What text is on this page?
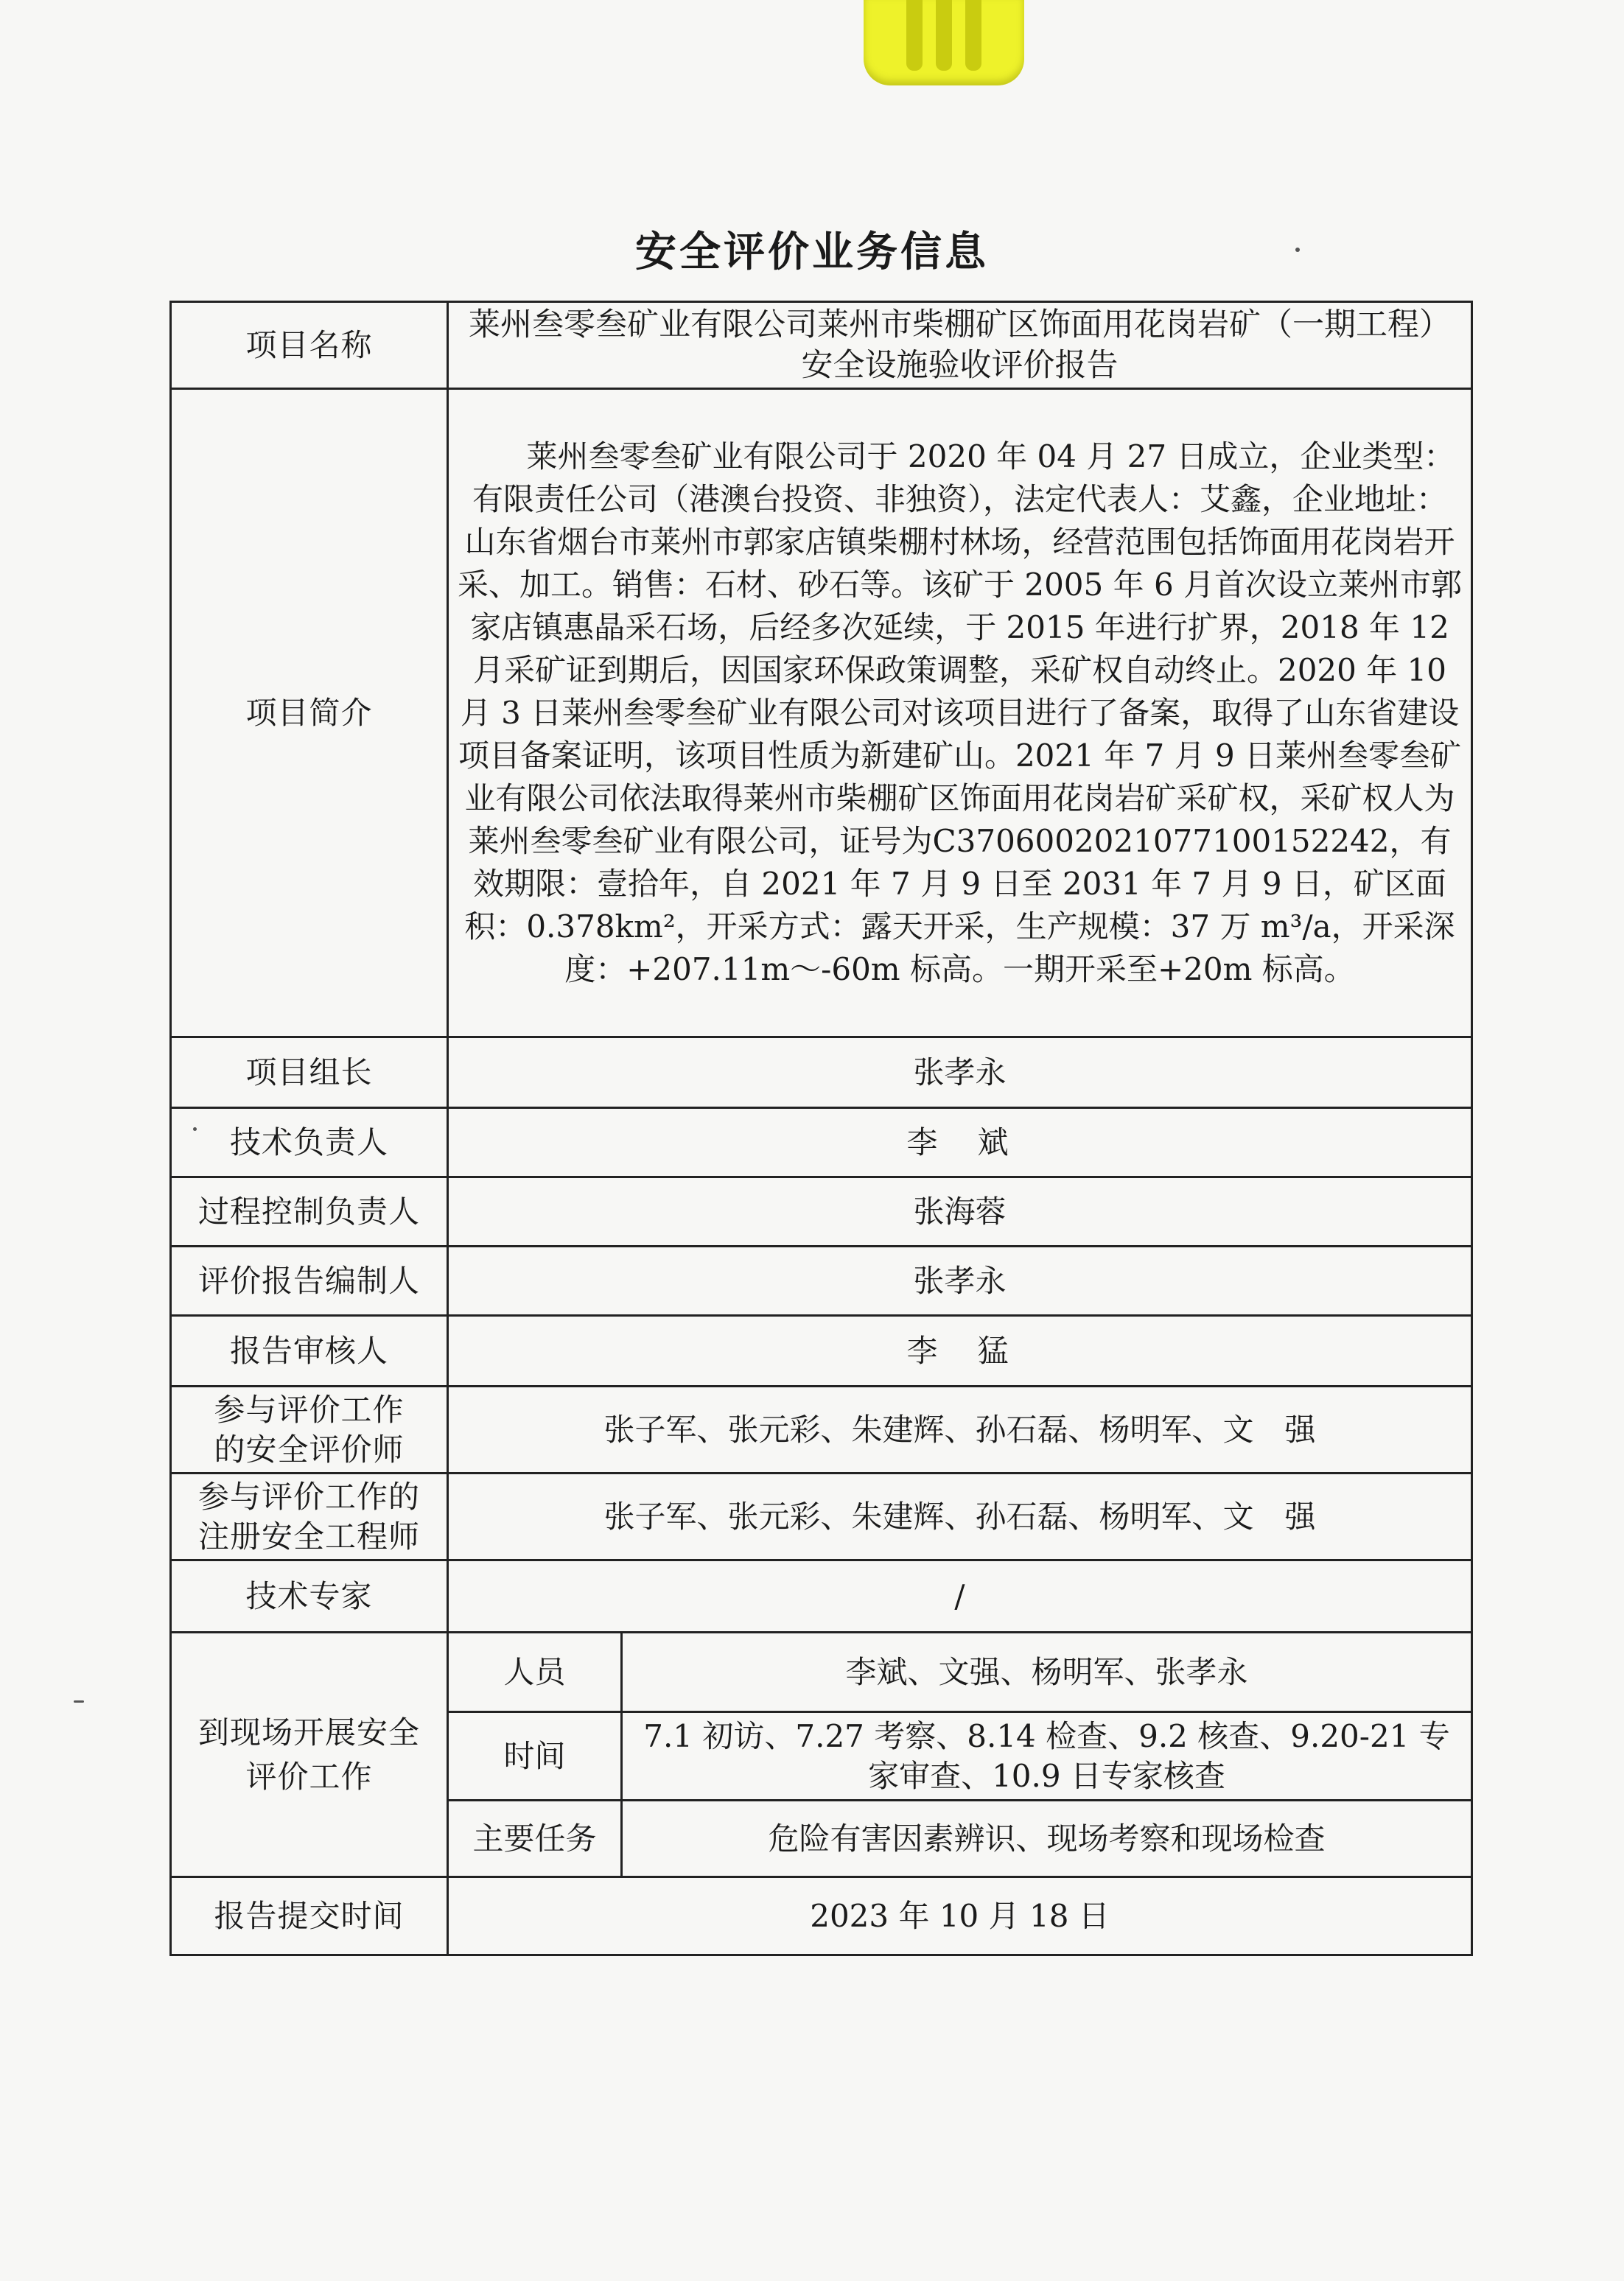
安全评价业务信息
项目名称	莱州叁零叁矿业有限公司莱州市柴棚矿区饰面用花岗岩矿（一期工程）安全设施验收评价报告	
项目简介	莱州叁零叁矿业有限公司于 2020 年 04 月 27 日成立，企业类型：有限责任公司（港澳台投资、非独资），法定代表人：艾鑫，企业地址：山东省烟台市莱州市郭家店镇柴棚村林场，经营范围包括饰面用花岗岩开采、加工。销售：石材、砂石等。该矿于 2005 年 6 月首次设立莱州市郭家店镇惠晶采石场，后经多次延续，于 2015 年进行扩界，2018 年 12 月采矿证到期后，因国家环保政策调整，采矿权自动终止。2020 年 10 月 3 日莱州叁零叁矿业有限公司对该项目进行了备案，取得了山东省建设项目备案证明，该项目性质为新建矿山。2021 年 7 月 9 日莱州叁零叁矿业有限公司依法取得莱州市柴棚矿区饰面用花岗岩矿采矿权，采矿权人为莱州叁零叁矿业有限公司，证号为C3706002021077100152242，有效期限：壹拾年，自 2021 年 7 月 9 日至 2031 年 7 月 9 日，矿区面积：0.378km²，开采方式：露天开采，生产规模：37 万 m³/a，开采深度：+207.11m～-60m 标高。一期开采至+20m 标高。	
项目组长	张孝永	
技术负责人	李　斌	
过程控制负责人	张海蓉	
评价报告编制人	张孝永	
报告审核人	李　猛	
参与评价工作的安全评价师	张子军、张元彩、朱建辉、孙石磊、杨明军、文　强	
参与评价工作的注册安全工程师	张子军、张元彩、朱建辉、孙石磊、杨明军、文　强	
技术专家	/	
到现场开展安全评价工作	人员	李斌、文强、杨明军、张孝永
	时间	7.1 初访、7.27 考察、8.14 检查、9.2 核查、9.20-21 专家审查、10.9 日专家核查
	主要任务	危险有害因素辨识、现场考察和现场检查
报告提交时间	2023 年 10 月 18 日	
